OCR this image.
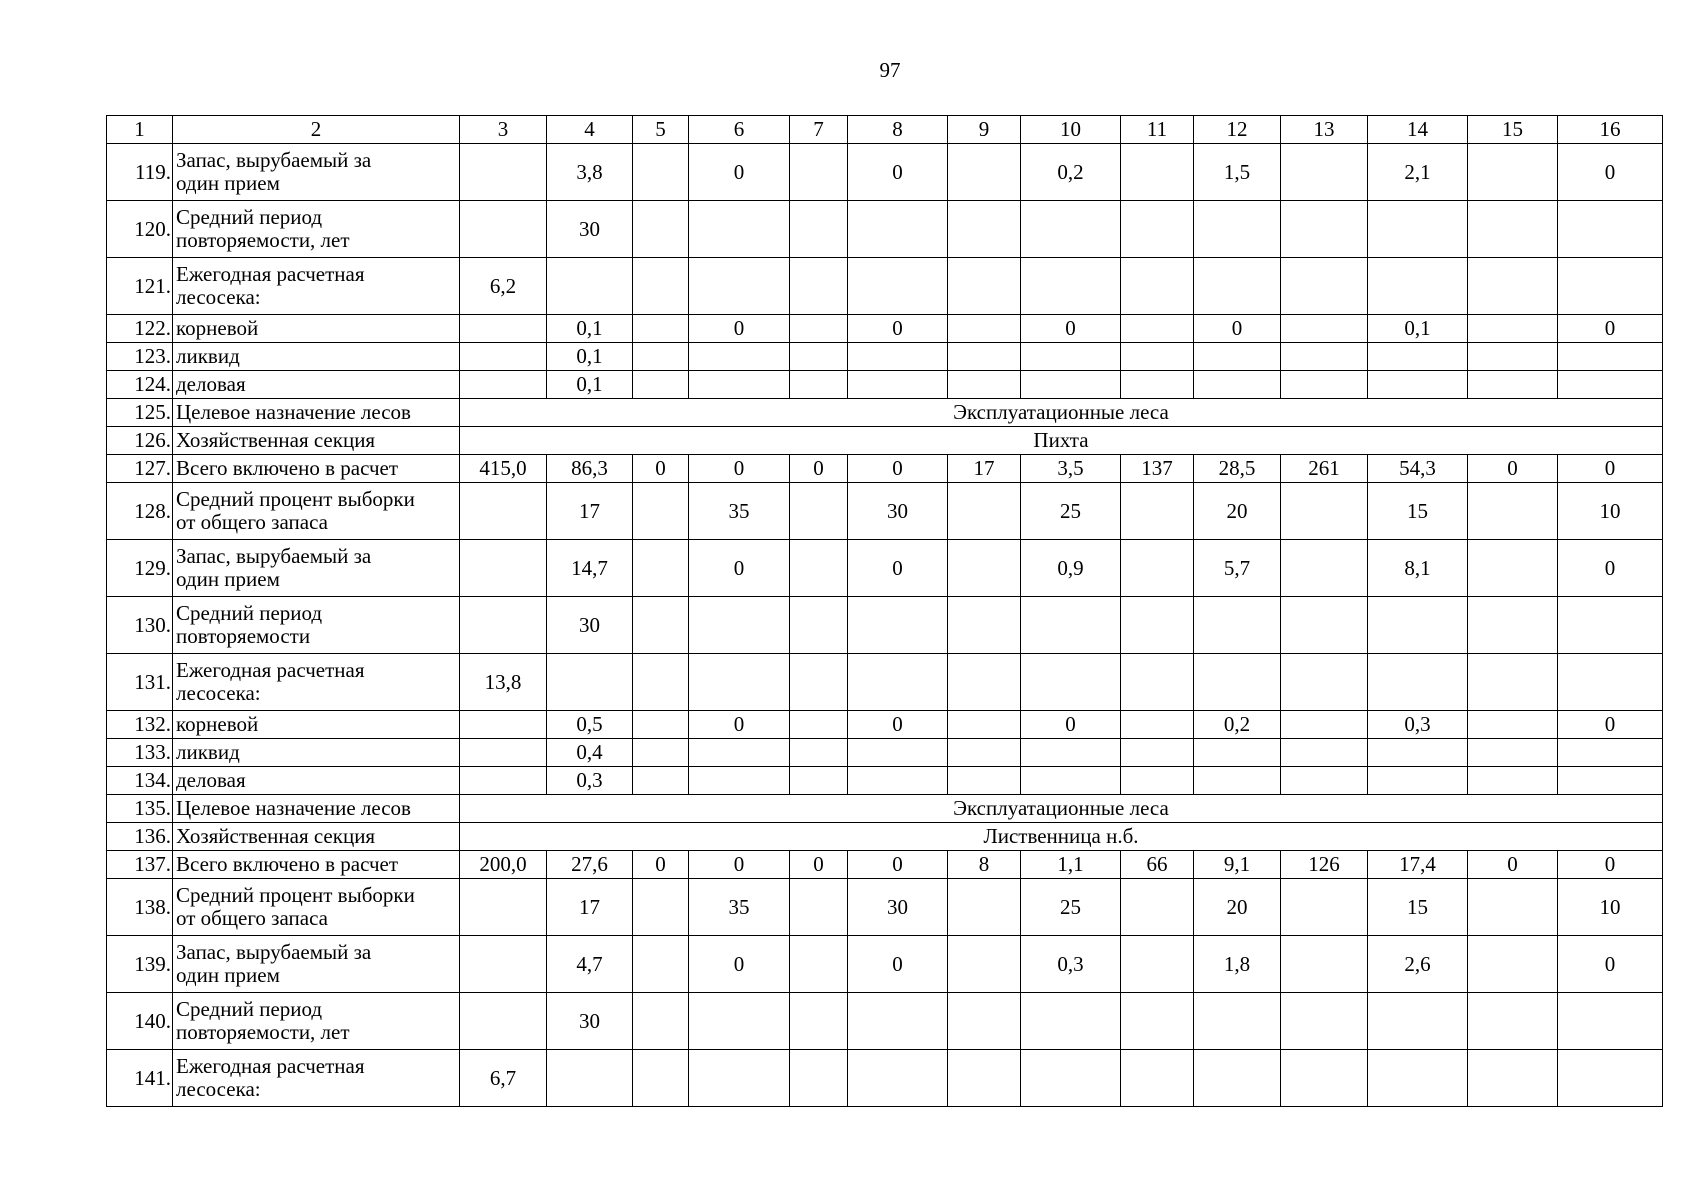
97
1	2	3	4	5	6	7	8	9	10	11	12	13	14	15	16
119.	Запас, вырубаемый за
один прием		3,8		0		0		0,2		1,5		2,1		0
120.	Средний период
повторяемости, лет		30												
121.	Ежегодная расчетная
лесосека:	6,2													
122.	корневой		0,1		0		0		0		0		0,1		0
123.	ликвид		0,1												
124.	деловая		0,1												
125.	Целевое назначение лесов	Эксплуатационные леса													
126.	Хозяйственная секция	Пихта													
127.	Всего включено в расчет	415,0	86,3	0	0	0	0	17	3,5	137	28,5	261	54,3	0	0
128.	Средний процент выборки
от общего запаса		17		35		30		25		20		15		10
129.	Запас, вырубаемый за
один прием		14,7		0		0		0,9		5,7		8,1		0
130.	Средний период
повторяемости		30												
131.	Ежегодная расчетная
лесосека:	13,8													
132.	корневой		0,5		0		0		0		0,2		0,3		0
133.	ликвид		0,4												
134.	деловая		0,3												
135.	Целевое назначение лесов	Эксплуатационные леса													
136.	Хозяйственная секция	Лиственница н.б.													
137.	Всего включено в расчет	200,0	27,6	0	0	0	0	8	1,1	66	9,1	126	17,4	0	0
138.	Средний процент выборки
от общего запаса		17		35		30		25		20		15		10
139.	Запас, вырубаемый за
один прием		4,7		0		0		0,3		1,8		2,6		0
140.	Средний период
повторяемости, лет		30												
141.	Ежегодная расчетная
лесосека:	6,7													
